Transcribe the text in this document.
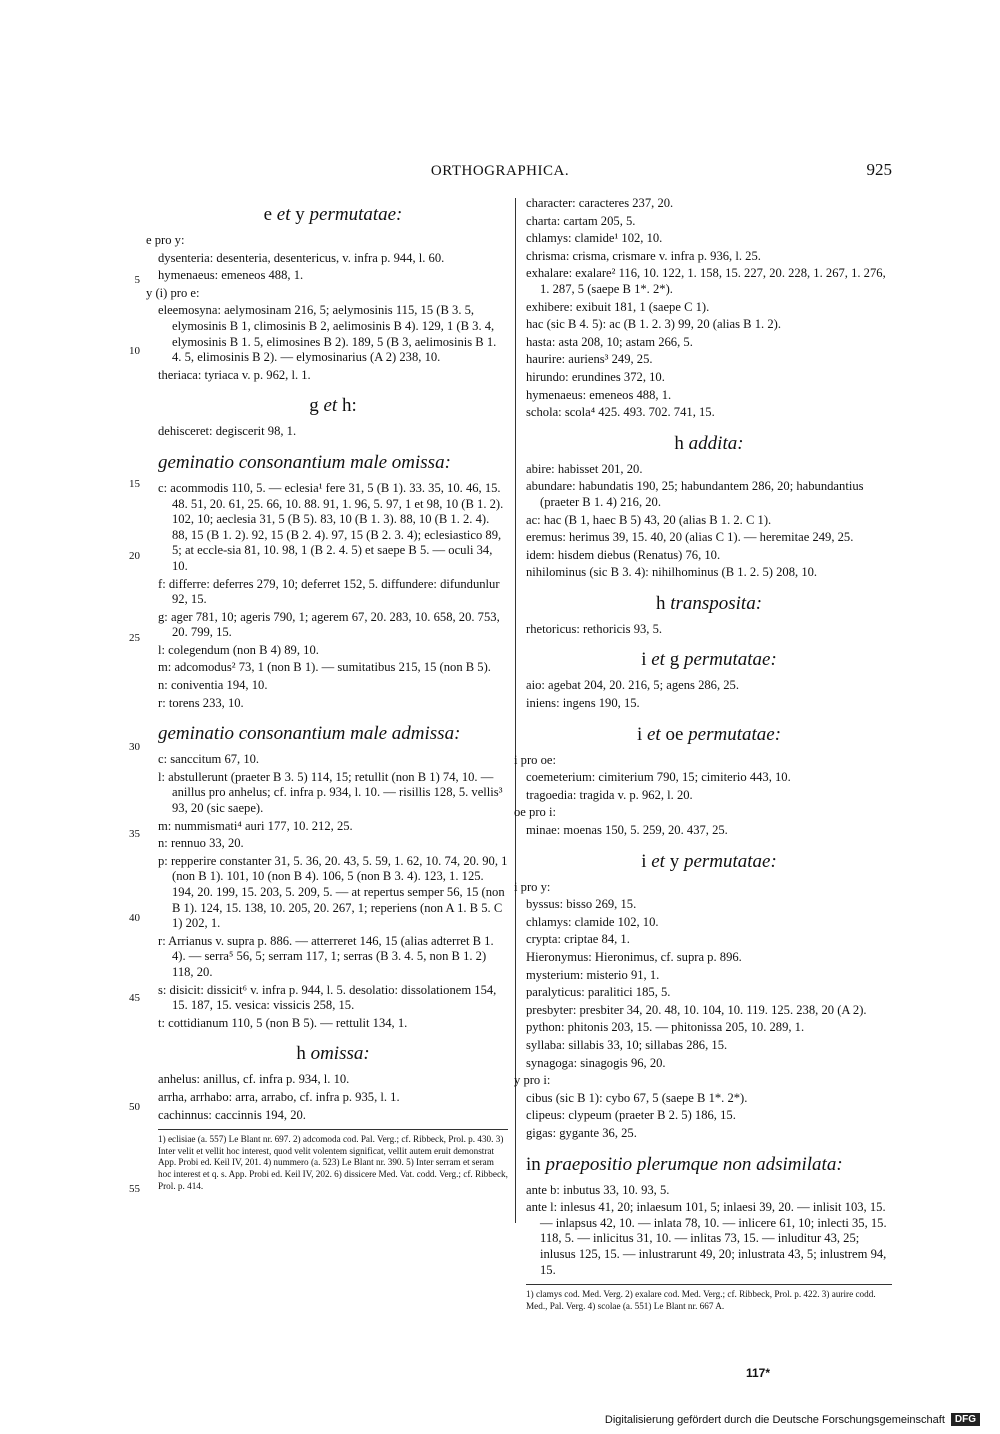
ORTHOGRAPHICA.	925
e et y permutatae:
e pro y:
dysenteria: desenteria, desentericus, v. infra p. 944, l. 60.
hymenaeus: emeneos 488, 1.
y (i) pro e:
eleemosyna: aelymosinam 216, 5; aelymosinis 115, 15 (B 3. 5, elymosinis B 1, climosinis B 2, aelimosinis B 4). 129, 1 (B 3. 4, elymosinis B 1. 5, elimosines B 2). 189, 5 (B 3, aelimosinis B 1. 4. 5, elimosinis B 2). — elymosinarius (A 2) 238, 10.
theriaca: tyriaca v. p. 962, l. 1.
g et h:
dehisceret: degiscerit 98, 1.
geminatio consonantium male omissa:
c: acommodis 110, 5. — eclesia¹ fere 31, 5 (B 1). 33. 35, 10. 46, 15. 48. 51, 20. 61, 25. 66, 10. 88. 91, 1. 96, 5. 97, 1 et 98, 10 (B 1. 2). 102, 10; aeclesia 31, 5 (B 5). 83, 10 (B 1. 3). 88, 10 (B 1. 2. 4). 88, 15 (B 1. 2). 92, 15 (B 2. 4). 97, 15 (B 2. 3. 4); eclesiastico 89, 5; at eccle-sia 81, 10. 98, 1 (B 2. 4. 5) et saepe B 5. — oculi 34, 10.
f: differre: deferres 279, 10; deferret 152, 5. diffundere: difundunlur 92, 15.
g: ager 781, 10; ageris 790, 1; agerem 67, 20. 283, 10. 658, 20. 753, 20. 799, 15.
l: colegendum (non B 4) 89, 10.
m: adcomodus² 73, 1 (non B 1). — sumitatibus 215, 15 (non B 5).
n: coniventia 194, 10.
r: torens 233, 10.
geminatio consonantium male admissa:
c: sanccitum 67, 10.
l: abstullerunt (praeter B 3. 5) 114, 15; retullit (non B 1) 74, 10. — anillus pro anhelus; cf. infra p. 934, l. 10. — risillis 128, 5. vellis³ 93, 20 (sic saepe).
m: nummismati⁴ auri 177, 10. 212, 25.
n: rennuo 33, 20.
p: repperire constanter 31, 5. 36, 20. 43, 5. 59, 1. 62, 10. 74, 20. 90, 1 (non B 1). 101, 10 (non B 4). 106, 5 (non B 3. 4). 123, 1. 125. 194, 20. 199, 15. 203, 5. 209, 5. — at repertus semper 56, 15 (non B 1). 124, 15. 138, 10. 205, 20. 267, 1; reperiens (non A 1. B 5. C 1) 202, 1.
r: Arrianus v. supra p. 886. — atterreret 146, 15 (alias adterret B 1. 4). — serra⁵ 56, 5; serram 117, 1; serras (B 3. 4. 5, non B 1. 2) 118, 20.
s: disicit: dissicit⁶ v. infra p. 944, l. 5. desolatio: dissolationem 154, 15. 187, 15. vesica: vissicis 258, 15.
t: cottidianum 110, 5 (non B 5). — rettulit 134, 1.
h omissa:
anhelus: anillus, cf. infra p. 934, l. 10.
arrha, arrhabo: arra, arrabo, cf. infra p. 935, l. 1.
cachinnus: caccinnis 194, 20.
1) eclisiae (a. 557) Le Blant nr. 697. 2) adcomoda cod. Pal. Verg.; cf. Ribbeck, Prol. p. 430. 3) Inter velit et vellit hoc interest, quod velit volentem significat, vellit autem eruit demonstrat App. Probi ed. Keil IV, 201. 4) nummero (a. 523) Le Blant nr. 390. 5) Inter serram et seram hoc interest et q. s. App. Probi ed. Keil IV, 202. 6) dissicere Med. Vat. codd. Verg.; cf. Ribbeck, Prol. p. 414.
5
10
15
20
25
30
35
40
45
50
55
character: caracteres 237, 20.
charta: cartam 205, 5.
chlamys: clamide¹ 102, 10.
chrisma: crisma, crismare v. infra p. 936, l. 25.
exhalare: exalare² 116, 10. 122, 1. 158, 15. 227, 20. 228, 1. 267, 1. 276, 1. 287, 5 (saepe B 1*. 2*).
exhibere: exibuit 181, 1 (saepe C 1).
hac (sic B 4. 5): ac (B 1. 2. 3) 99, 20 (alias B 1. 2).
hasta: asta 208, 10; astam 266, 5.
haurire: auriens³ 249, 25.
hirundo: erundines 372, 10.
hymenaeus: emeneos 488, 1.
schola: scola⁴ 425. 493. 702. 741, 15.
h addita:
abire: habisset 201, 20.
abundare: habundatis 190, 25; habundantem 286, 20; habundantius (praeter B 1. 4) 216, 20.
ac: hac (B 1, haec B 5) 43, 20 (alias B 1. 2. C 1).
eremus: herimus 39, 15. 40, 20 (alias C 1). — heremitae 249, 25.
idem: hisdem diebus (Renatus) 76, 10.
nihilominus (sic B 3. 4): nihilhominus (B 1. 2. 5) 208, 10.
h transposita:
rhetoricus: rethoricis 93, 5.
i et g permutatae:
aio: agebat 204, 20. 216, 5; agens 286, 25.
iniens: ingens 190, 15.
i et oe permutatae:
i pro oe:
coemeterium: cimiterium 790, 15; cimiterio 443, 10.
tragoedia: tragida v. p. 962, l. 20.
oe pro i:
minae: moenas 150, 5. 259, 20. 437, 25.
i et y permutatae:
i pro y:
byssus: bisso 269, 15.
chlamys: clamide 102, 10.
crypta: criptae 84, 1.
Hieronymus: Hieronimus, cf. supra p. 896.
mysterium: misterio 91, 1.
paralyticus: paralitici 185, 5.
presbyter: presbiter 34, 20. 48, 10. 104, 10. 119. 125. 238, 20 (A 2).
python: phitonis 203, 15. — phitonissa 205, 10. 289, 1.
syllaba: sillabis 33, 10; sillabas 286, 15.
synagoga: sinagogis 96, 20.
y pro i:
cibus (sic B 1): cybo 67, 5 (saepe B 1*. 2*).
clipeus: clypeum (praeter B 2. 5) 186, 15.
gigas: gygante 36, 25.
in praepositio plerumque non adsimilata:
ante b: inbutus 33, 10. 93, 5.
ante l: inlesus 41, 20; inlaesum 101, 5; inlaesi 39, 20. — inlisit 103, 15. — inlapsus 42, 10. — inlata 78, 10. — inlicere 61, 10; inlecti 35, 15. 118, 5. — inlicitus 31, 10. — inlitas 73, 15. — inluditur 43, 25; inlusus 125, 15. — inlustrarunt 49, 20; inlustrata 43, 5; inlustrem 94, 15.
1) clamys cod. Med. Verg. 2) exalare cod. Med. Verg.; cf. Ribbeck, Prol. p. 422. 3) aurire codd. Med., Pal. Verg. 4) scolae (a. 551) Le Blant nr. 667 A.
117*
Digitalisierung gefördert durch die Deutsche Forschungsgemeinschaft	DFG
